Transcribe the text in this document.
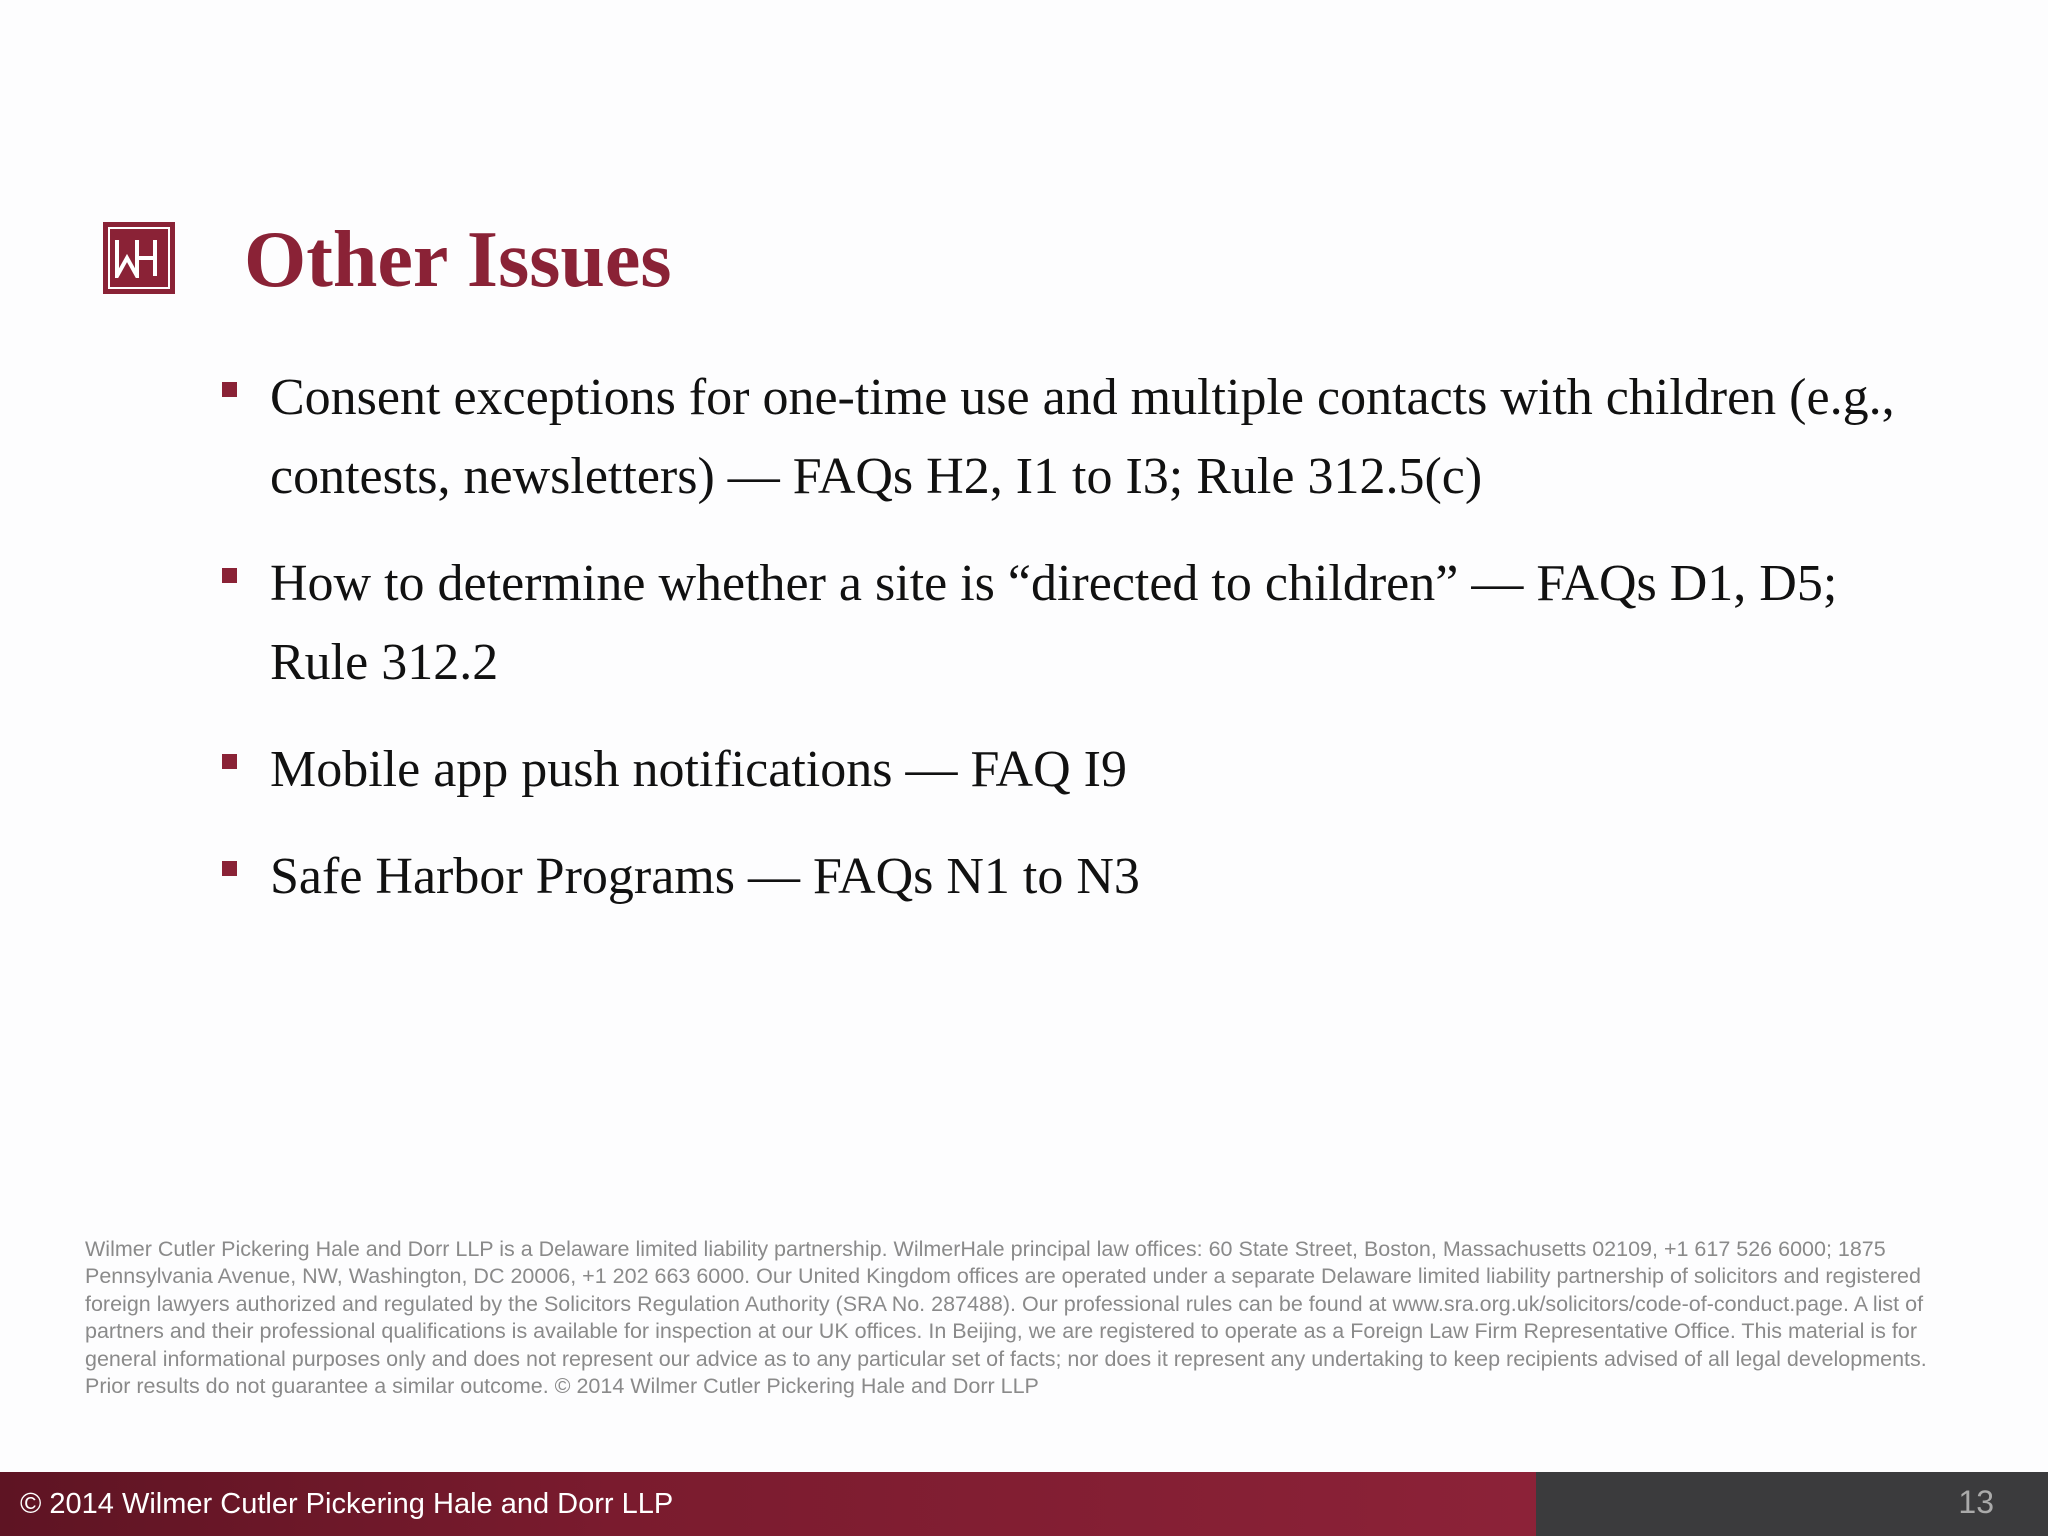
Other Issues
Consent exceptions for one-time use and multiple contacts with children (e.g., contests, newsletters) — FAQs H2, I1 to I3; Rule 312.5(c)
How to determine whether a site is “directed to children” — FAQs D1, D5; Rule 312.2
Mobile app push notifications — FAQ I9
Safe Harbor Programs — FAQs N1 to N3
Wilmer Cutler Pickering Hale and Dorr LLP is a Delaware limited liability partnership. WilmerHale principal law offices: 60 State Street, Boston, Massachusetts 02109, +1 617 526 6000; 1875 Pennsylvania Avenue, NW, Washington, DC 20006, +1 202 663 6000. Our United Kingdom offices are operated under a separate Delaware limited liability partnership of solicitors and registered foreign lawyers authorized and regulated by the Solicitors Regulation Authority (SRA No. 287488). Our professional rules can be found at www.sra.org.uk/solicitors/code-of-conduct.page. A list of partners and their professional qualifications is available for inspection at our UK offices. In Beijing, we are registered to operate as a Foreign Law Firm Representative Office. This material is for general informational purposes only and does not represent our advice as to any particular set of facts; nor does it represent any undertaking to keep recipients advised of all legal developments. Prior results do not guarantee a similar outcome. © 2014 Wilmer Cutler Pickering Hale and Dorr LLP
© 2014 Wilmer Cutler Pickering Hale and Dorr LLP	13
